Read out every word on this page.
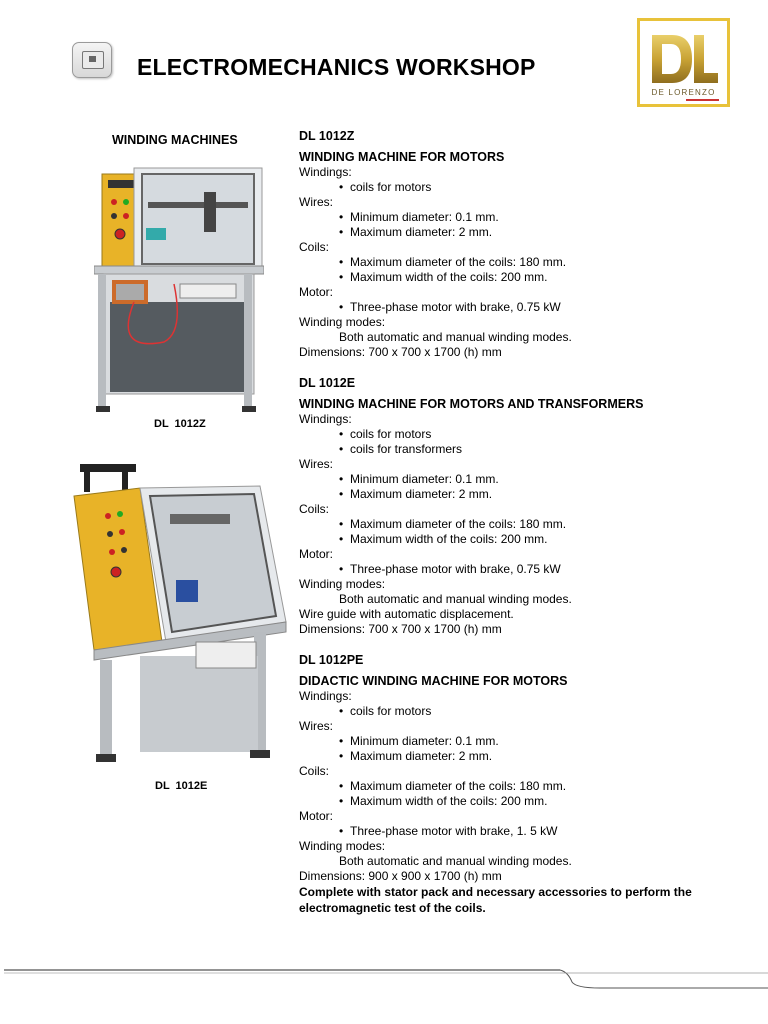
ELECTROMECHANICS WORKSHOP
DE LORENZO
WINDING MACHINES
DL 1012Z
DL 1012E
DL 1012Z
WINDING MACHINE FOR MOTORS
Windings:
• coils for motors
Wires:
• Minimum diameter: 0.1 mm.
• Maximum diameter: 2 mm.
Coils:
• Maximum diameter of the coils: 180 mm.
• Maximum width of the coils: 200 mm.
Motor:
• Three-phase motor with brake, 0.75 kW
Winding modes:
Both automatic and manual winding modes.
Dimensions: 700 x 700 x 1700 (h) mm
DL 1012E
WINDING MACHINE FOR MOTORS AND TRANSFORMERS
Windings:
• coils for motors
• coils for transformers
Wires:
• Minimum diameter: 0.1 mm.
• Maximum diameter: 2 mm.
Coils:
• Maximum diameter of the coils: 180 mm.
• Maximum width of the coils: 200 mm.
Motor:
• Three-phase motor with brake, 0.75 kW
Winding modes:
Both automatic and manual winding modes.
Wire guide with automatic displacement.
Dimensions: 700 x 700 x 1700 (h) mm
DL 1012PE
DIDACTIC WINDING MACHINE FOR MOTORS
Windings:
• coils for motors
Wires:
• Minimum diameter: 0.1 mm.
• Maximum diameter: 2 mm.
Coils:
• Maximum diameter of the coils: 180 mm.
• Maximum width of the coils: 200 mm.
Motor:
• Three-phase motor with brake, 1. 5 kW
Winding modes:
Both automatic and manual winding modes.
Dimensions: 900 x 900 x 1700 (h) mm
Complete with stator pack and necessary accessories to perform the
electromagnetic test of the coils.
